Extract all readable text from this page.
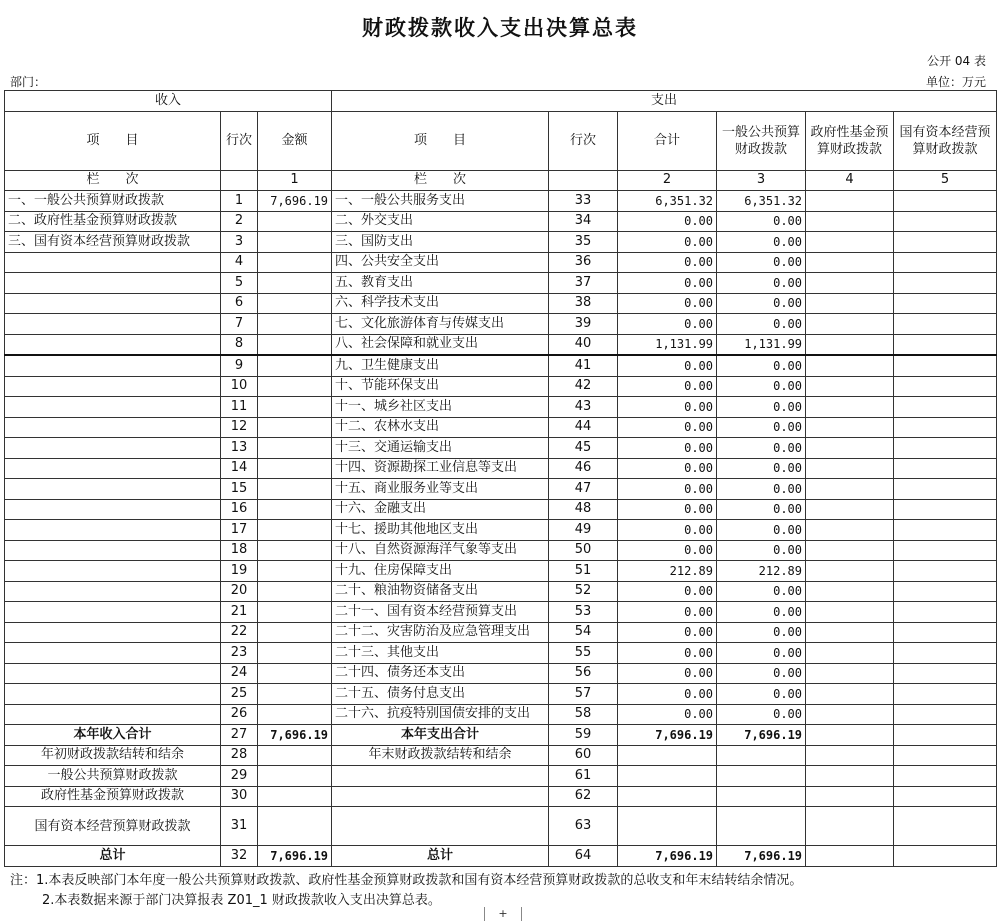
财政拨款收入支出决算总表
公开 04 表
部门：	单位：万元
收入			支出					
项　　目	行次	金额	项　　目	行次	合计	一般公共预算财政拨款	政府性基金预算财政拨款	国有资本经营预算财政拨款
栏　　次		1	栏　　次		2	3	4	5
一、一般公共预算财政拨款	1	7,696.19	一、一般公共服务支出	33	6,351.32	6,351.32		
二、政府性基金预算财政拨款	2		二、外交支出	34	0.00	0.00		
三、国有资本经营预算财政拨款	3		三、国防支出	35	0.00	0.00		
	4		四、公共安全支出	36	0.00	0.00		
	5		五、教育支出	37	0.00	0.00		
	6		六、科学技术支出	38	0.00	0.00		
	7		七、文化旅游体育与传媒支出	39	0.00	0.00		
	8		八、社会保障和就业支出	40	1,131.99	1,131.99		
	9		九、卫生健康支出	41	0.00	0.00		
	10		十、节能环保支出	42	0.00	0.00		
	11		十一、城乡社区支出	43	0.00	0.00		
	12		十二、农林水支出	44	0.00	0.00		
	13		十三、交通运输支出	45	0.00	0.00		
	14		十四、资源勘探工业信息等支出	46	0.00	0.00		
	15		十五、商业服务业等支出	47	0.00	0.00		
	16		十六、金融支出	48	0.00	0.00		
	17		十七、援助其他地区支出	49	0.00	0.00		
	18		十八、自然资源海洋气象等支出	50	0.00	0.00		
	19		十九、住房保障支出	51	212.89	212.89		
	20		二十、粮油物资储备支出	52	0.00	0.00		
	21		二十一、国有资本经营预算支出	53	0.00	0.00		
	22		二十二、灾害防治及应急管理支出	54	0.00	0.00		
	23		二十三、其他支出	55	0.00	0.00		
	24		二十四、债务还本支出	56	0.00	0.00		
	25		二十五、债务付息支出	57	0.00	0.00		
	26		二十六、抗疫特别国债安排的支出	58	0.00	0.00		
本年收入合计	27	7,696.19	本年支出合计	59	7,696.19	7,696.19		
年初财政拨款结转和结余	28		年末财政拨款结转和结余	60				
一般公共预算财政拨款	29			61				
政府性基金预算财政拨款	30			62				
国有资本经营预算财政拨款	31			63				
总计	32	7,696.19	总计	64	7,696.19	7,696.19		
注：1.本表反映部门本年度一般公共预算财政拨款、政府性基金预算财政拨款和国有资本经营预算财政拨款的总收支和年末结转结余情况。
2.本表数据来源于部门决算报表 Z01_1 财政拨款收入支出决算总表。
+
